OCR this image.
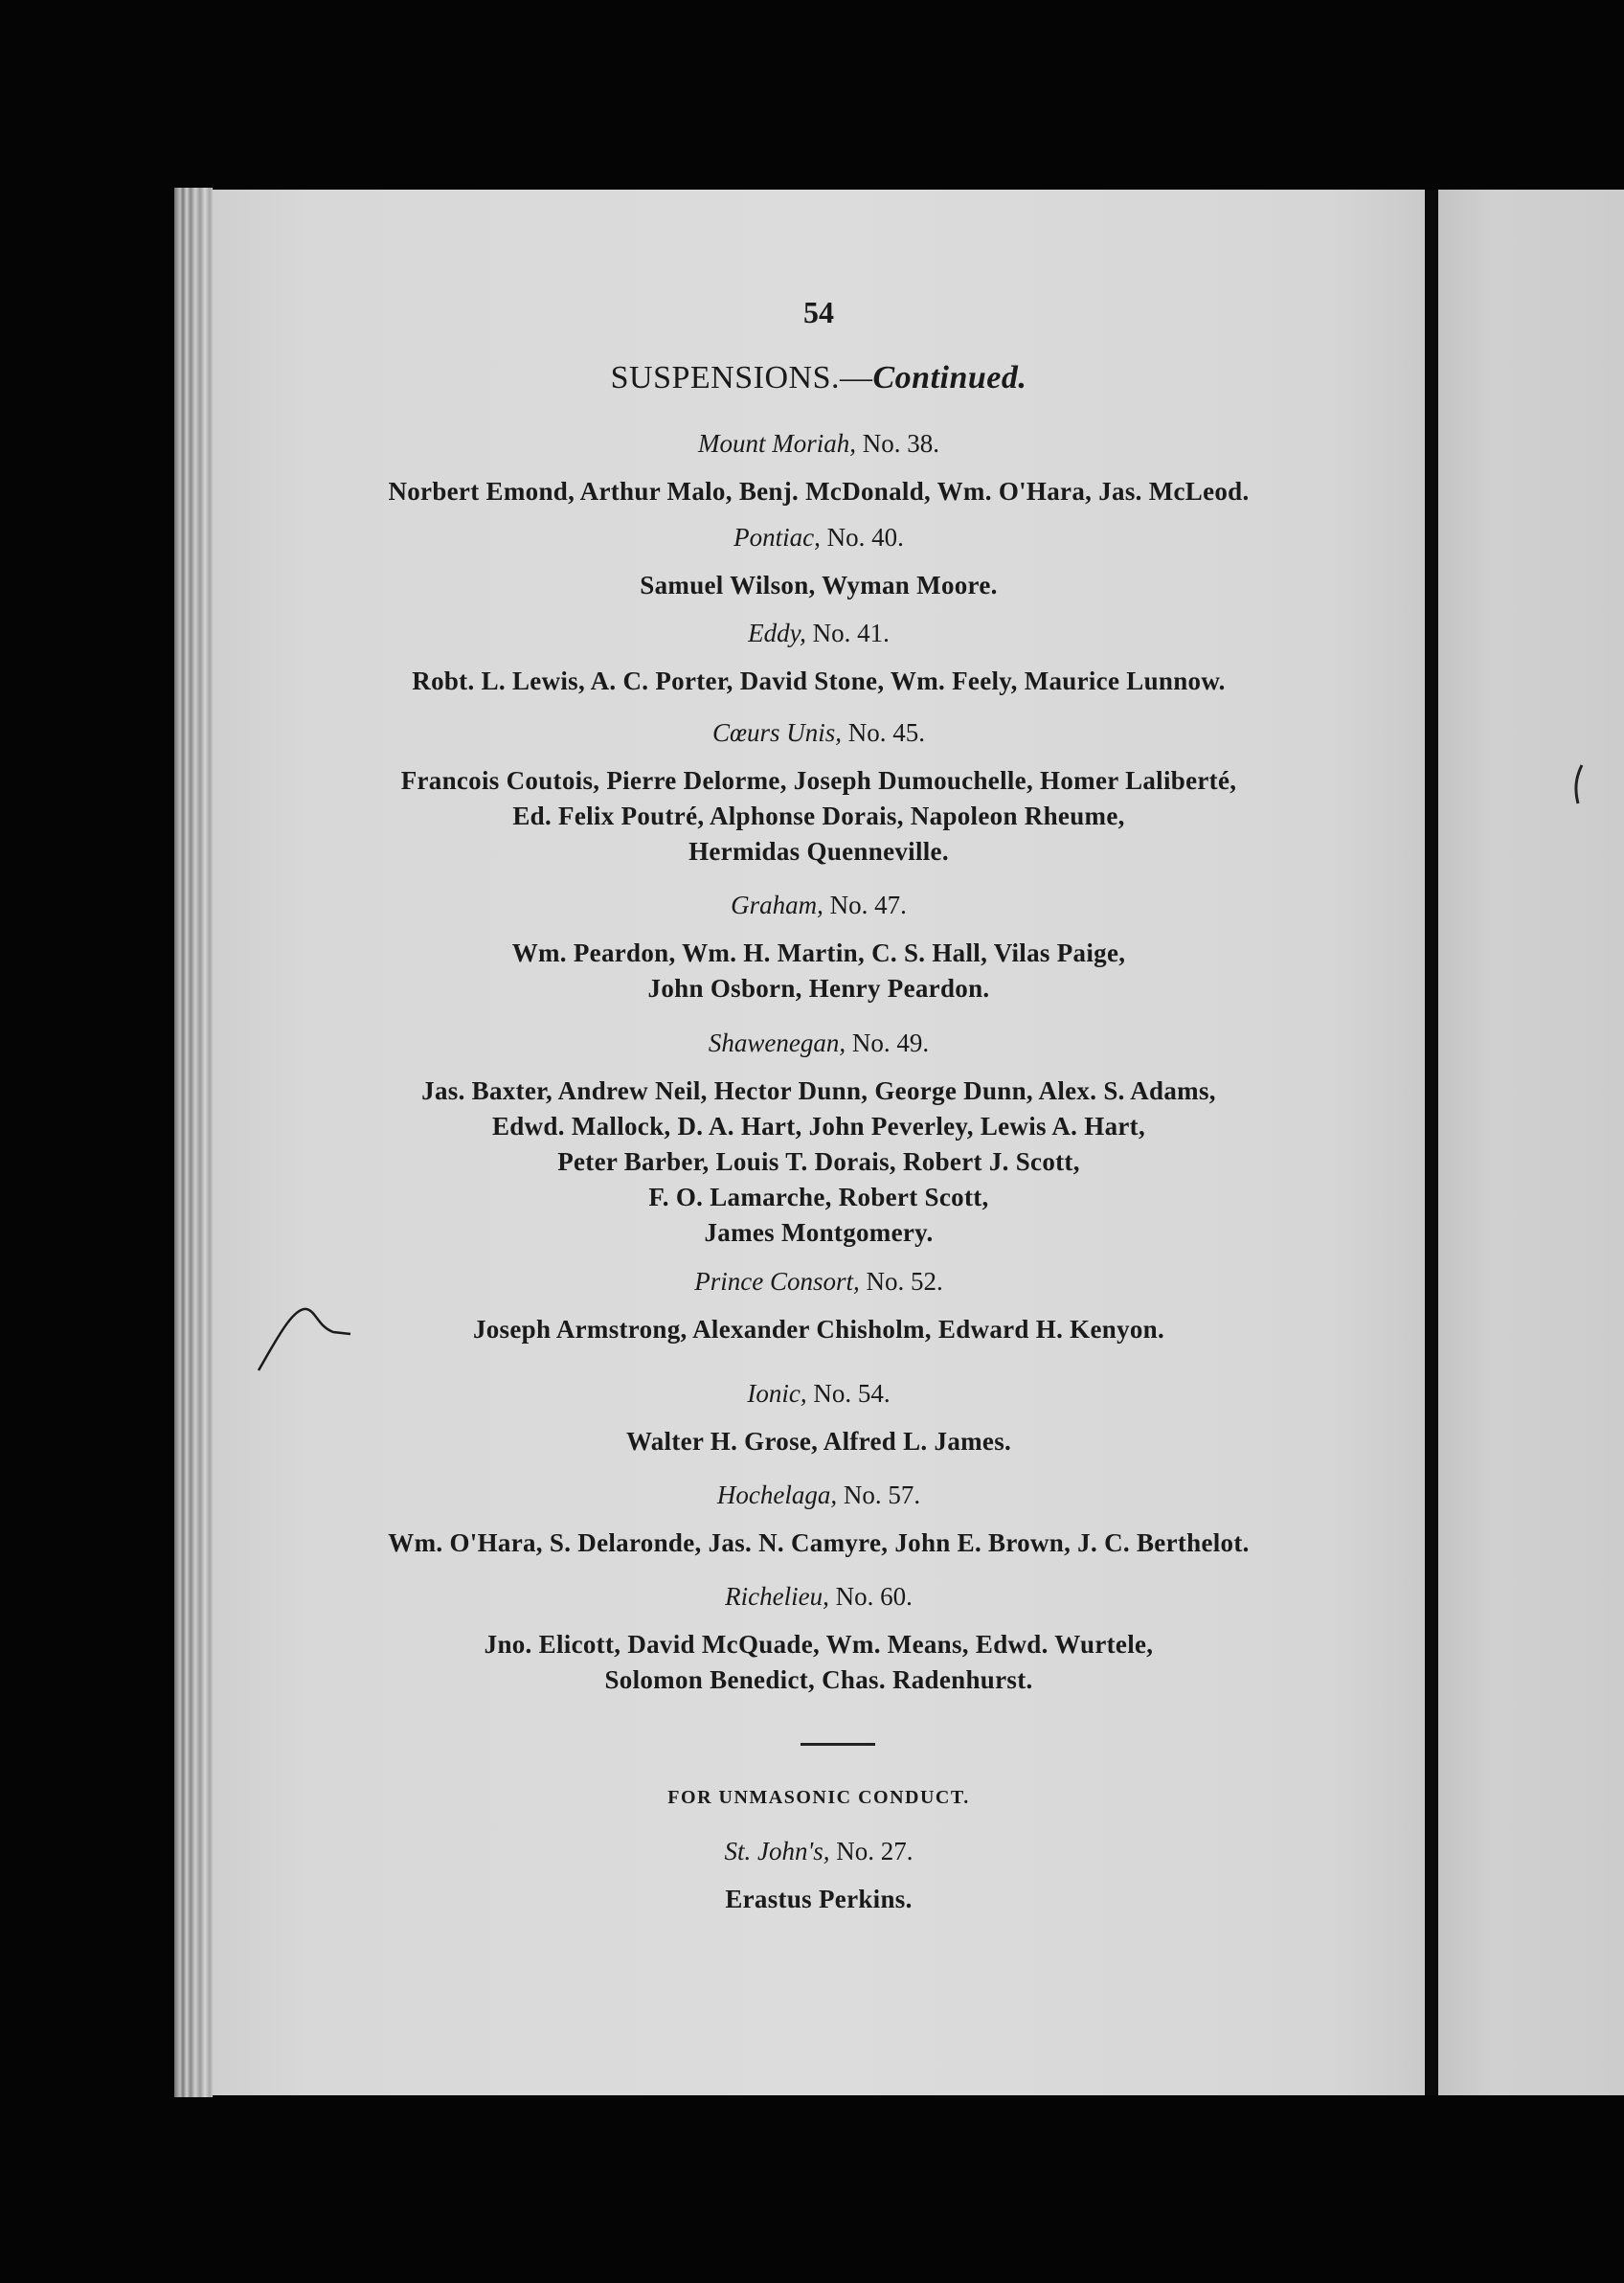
54
SUSPENSIONS.—Continued.
Mount Moriah, No. 38.
Norbert Emond, Arthur Malo, Benj. McDonald, Wm. O'Hara, Jas. McLeod.
Pontiac, No. 40.
Samuel Wilson, Wyman Moore.
Eddy, No. 41.
Robt. L. Lewis, A. C. Porter, David Stone, Wm. Feely, Maurice Lunnow.
Cœurs Unis, No. 45.
Francois Coutois, Pierre Delorme, Joseph Dumouchelle, Homer Laliberté,
Ed. Felix Poutré, Alphonse Dorais, Napoleon Rheume,
Hermidas Quenneville.
Graham, No. 47.
Wm. Peardon, Wm. H. Martin, C. S. Hall, Vilas Paige,
John Osborn, Henry Peardon.
Shawenegan, No. 49.
Jas. Baxter, Andrew Neil, Hector Dunn, George Dunn, Alex. S. Adams,
Edwd. Mallock, D. A. Hart, John Peverley, Lewis A. Hart,
Peter Barber, Louis T. Dorais, Robert J. Scott,
F. O. Lamarche, Robert Scott,
James Montgomery.
Prince Consort, No. 52.
Joseph Armstrong, Alexander Chisholm, Edward H. Kenyon.
Ionic, No. 54.
Walter H. Grose, Alfred L. James.
Hochelaga, No. 57.
Wm. O'Hara, S. Delaronde, Jas. N. Camyre, John E. Brown, J. C. Berthelot.
Richelieu, No. 60.
Jno. Elicott, David McQuade, Wm. Means, Edwd. Wurtele,
Solomon Benedict, Chas. Radenhurst.
FOR UNMASONIC CONDUCT.
St. John's, No. 27.
Erastus Perkins.
